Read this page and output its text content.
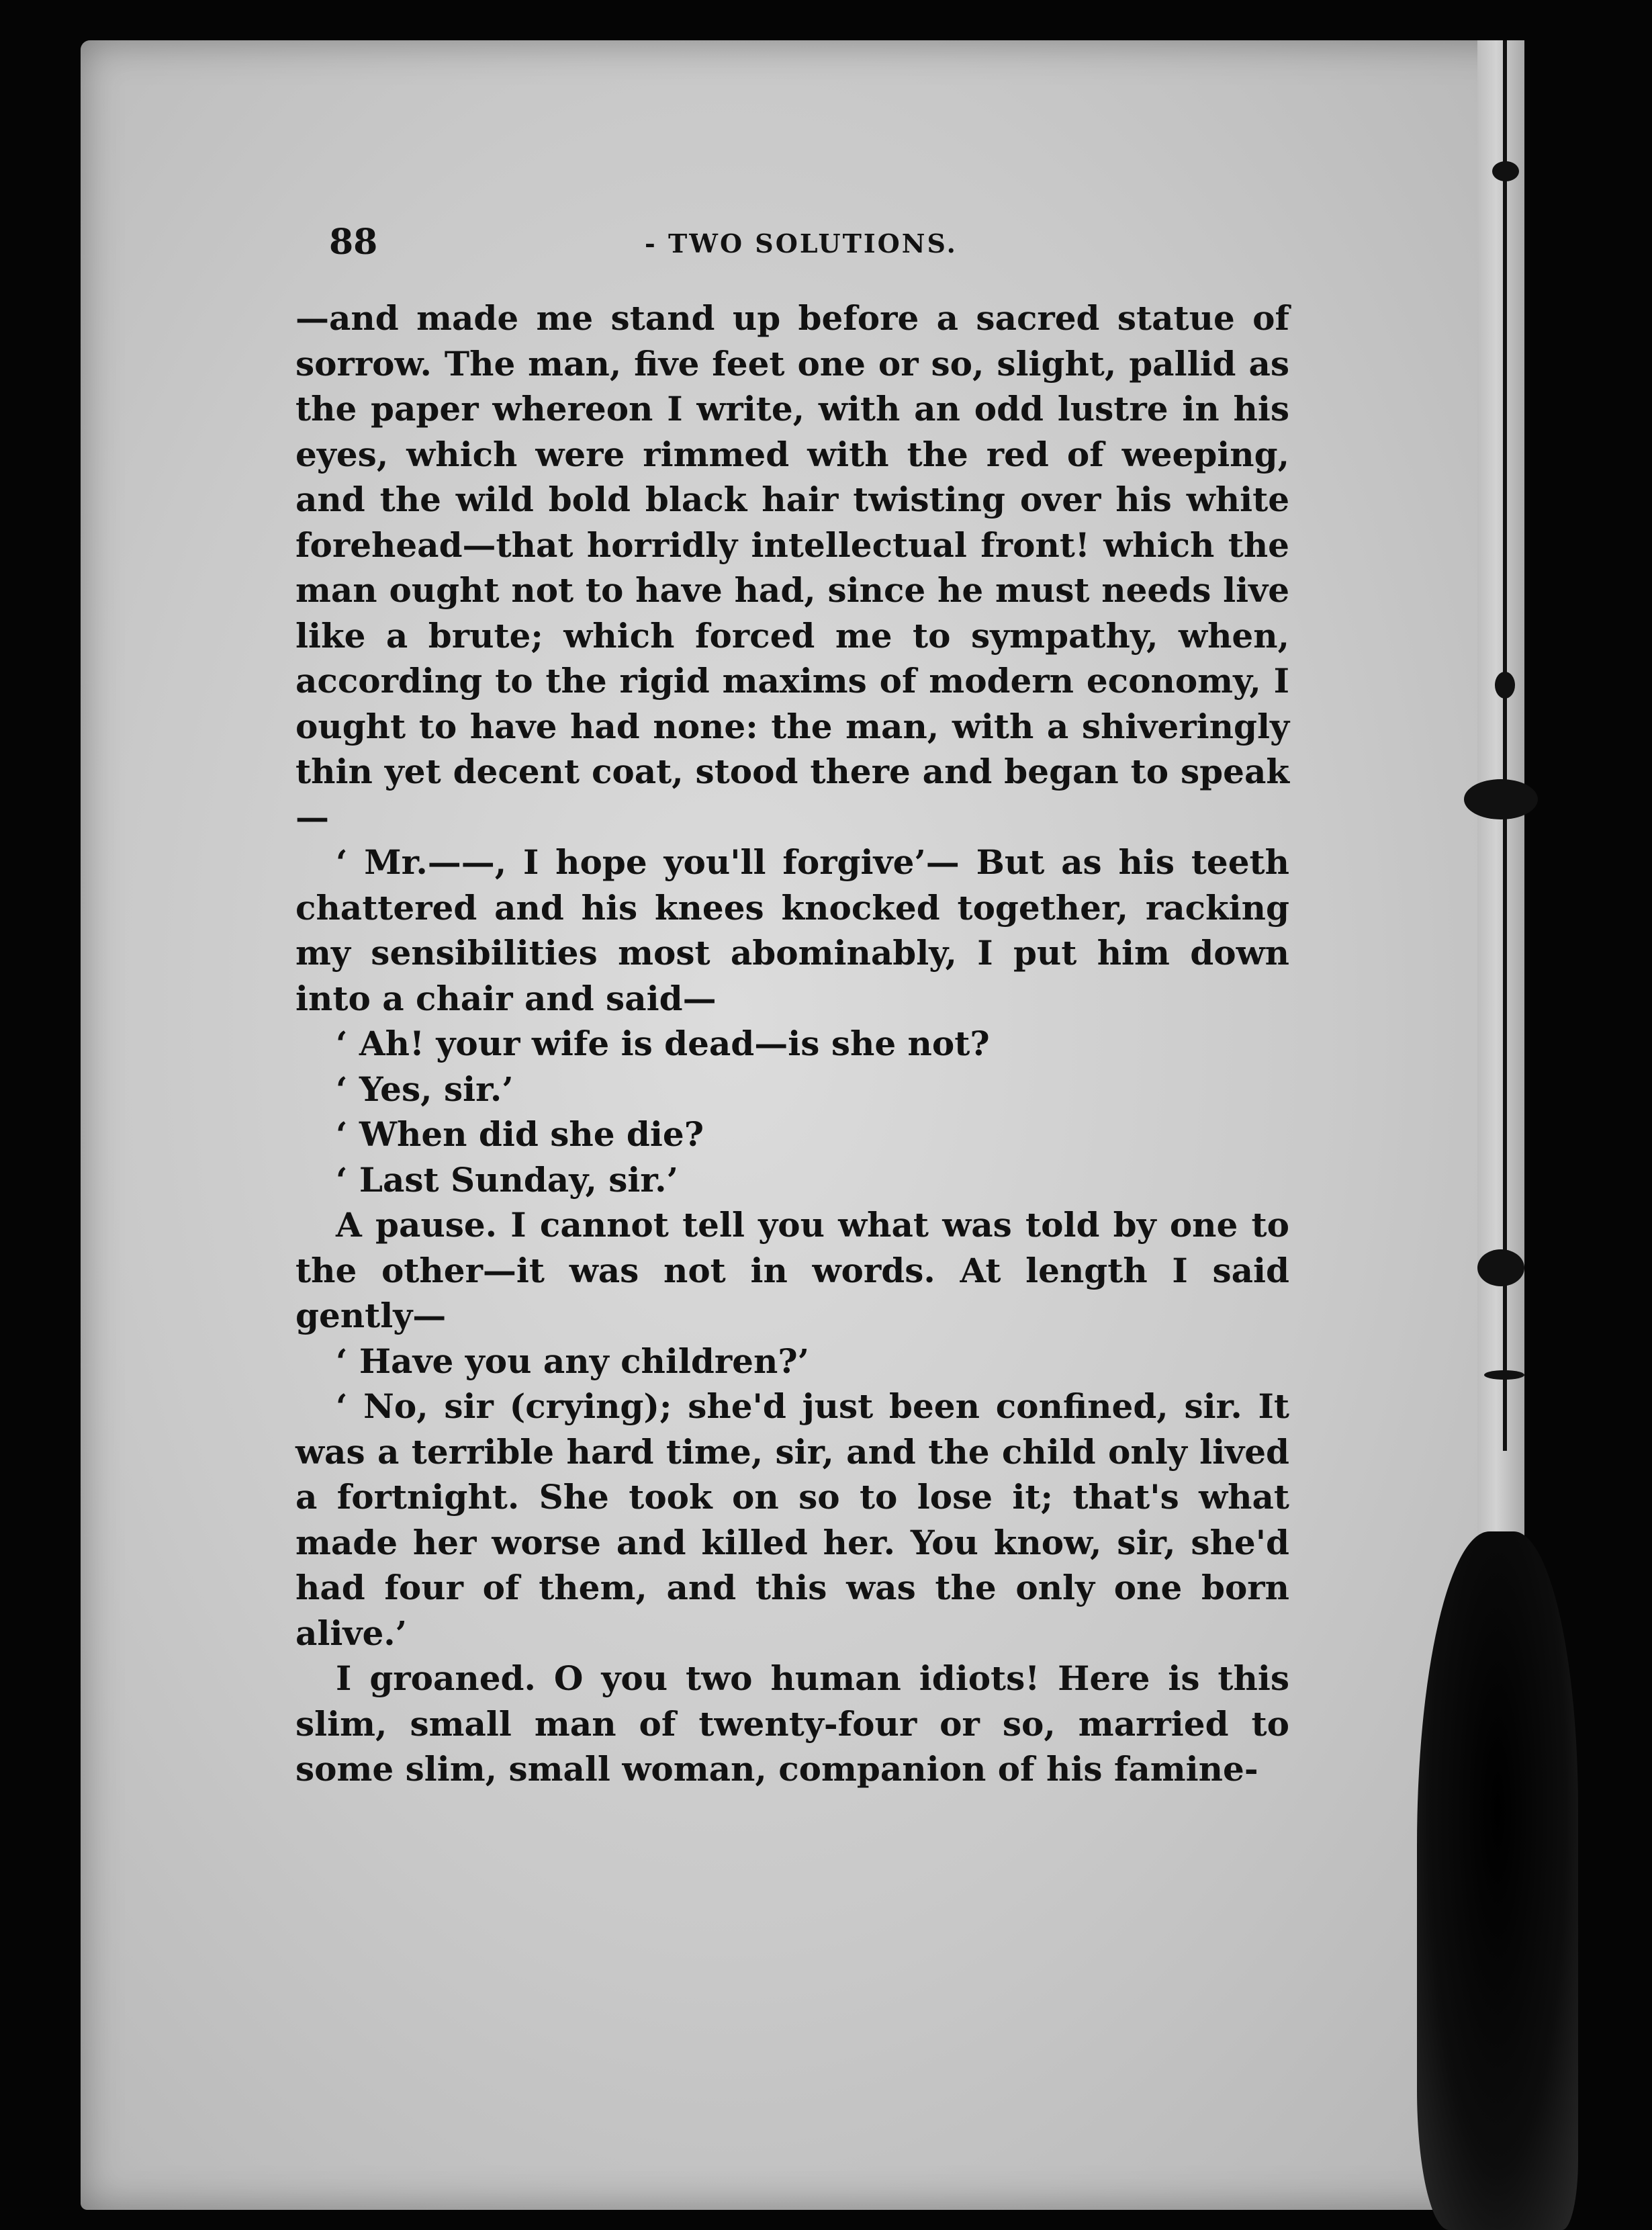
88	- TWO SOLUTIONS.

—and made me stand up before a sacred statue of sorrow. The man, five feet one or so, slight, pallid as the paper whereon I write, with an odd lustre in his eyes, which were rimmed with the red of weeping, and the wild bold black hair twisting over his white forehead—that horridly intellectual front! which the man ought not to have had, since he must needs live like a brute; which forced me to sympathy, when, according to the rigid maxims of modern economy, I ought to have had none: the man, with a shiveringly thin yet decent coat, stood there and began to speak—

‘ Mr.——, I hope you'll forgive’— But as his teeth chattered and his knees knocked together, racking my sensibilities most abominably, I put him down into a chair and said—

‘ Ah! your wife is dead—is she not?

‘ Yes, sir.’

‘ When did she die?

‘ Last Sunday, sir.’

A pause. I cannot tell you what was told by one to the other—it was not in words. At length I said gently—

‘ Have you any children?’

‘ No, sir (crying); she'd just been confined, sir. It was a terrible hard time, sir, and the child only lived a fortnight. She took on so to lose it; that's what made her worse and killed her. You know, sir, she'd had four of them, and this was the only one born alive.’

I groaned. O you two human idiots! Here is this slim, small man of twenty-four or so, married to some slim, small woman, companion of his famine-
